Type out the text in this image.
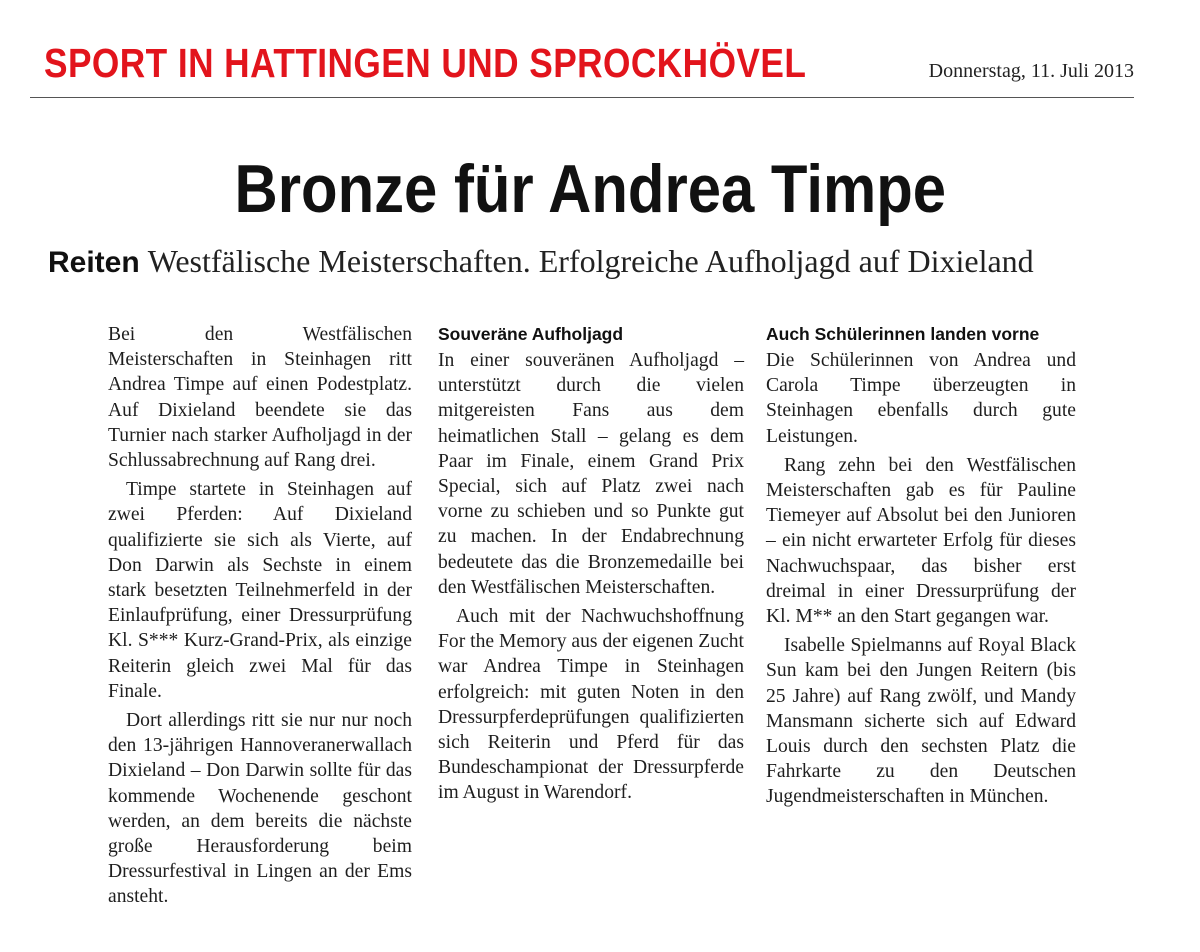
SPORT IN HATTINGEN UND SPROCKHÖVEL	Donnerstag, 11. Juli 2013
Bronze für Andrea Timpe
Reiten Westfälische Meisterschaften. Erfolgreiche Aufholjagd auf Dixieland

Bei den Westfälischen Meisterschaften in Steinhagen ritt Andrea Timpe auf einen Podestplatz. Auf Dixieland beendete sie das Turnier nach starker Aufholjagd in der Schlussabrechnung auf Rang drei.

Timpe startete in Steinhagen auf zwei Pferden: Auf Dixieland qualifizierte sie sich als Vierte, auf Don Darwin als Sechste in einem stark besetzten Teilnehmerfeld in der Einlaufprüfung, einer Dressurprüfung Kl. S*** Kurz-Grand-Prix, als einzige Reiterin gleich zwei Mal für das Finale.

Dort allerdings ritt sie nur nur noch den 13-jährigen Hannoveranerwallach Dixieland – Don Darwin sollte für das kommende Wochenende geschont werden, an dem bereits die nächste große Herausforderung beim Dressurfestival in Lingen an der Ems ansteht.

Souveräne Aufholjagd

In einer souveränen Aufholjagd – unterstützt durch die vielen mitgereisten Fans aus dem heimatlichen Stall – gelang es dem Paar im Finale, einem Grand Prix Special, sich auf Platz zwei nach vorne zu schieben und so Punkte gut zu machen. In der Endabrechnung bedeutete das die Bronzemedaille bei den Westfälischen Meisterschaften.

Auch mit der Nachwuchshoffnung For the Memory aus der eigenen Zucht war Andrea Timpe in Steinhagen erfolgreich: mit guten Noten in den Dressurpferdeprüfungen qualifizierten sich Reiterin und Pferd für das Bundeschampionat der Dressurpferde im August in Warendorf.

Auch Schülerinnen landen vorne

Die Schülerinnen von Andrea und Carola Timpe überzeugten in Steinhagen ebenfalls durch gute Leistungen.

Rang zehn bei den Westfälischen Meisterschaften gab es für Pauline Tiemeyer auf Absolut bei den Junioren – ein nicht erwarteter Erfolg für dieses Nachwuchspaar, das bisher erst dreimal in einer Dressurprüfung der Kl. M** an den Start gegangen war.

Isabelle Spielmanns auf Royal Black Sun kam bei den Jungen Reitern (bis 25 Jahre) auf Rang zwölf, und Mandy Mansmann sicherte sich auf Edward Louis durch den sechsten Platz die Fahrkarte zu den Deutschen Jugendmeisterschaften in München.
